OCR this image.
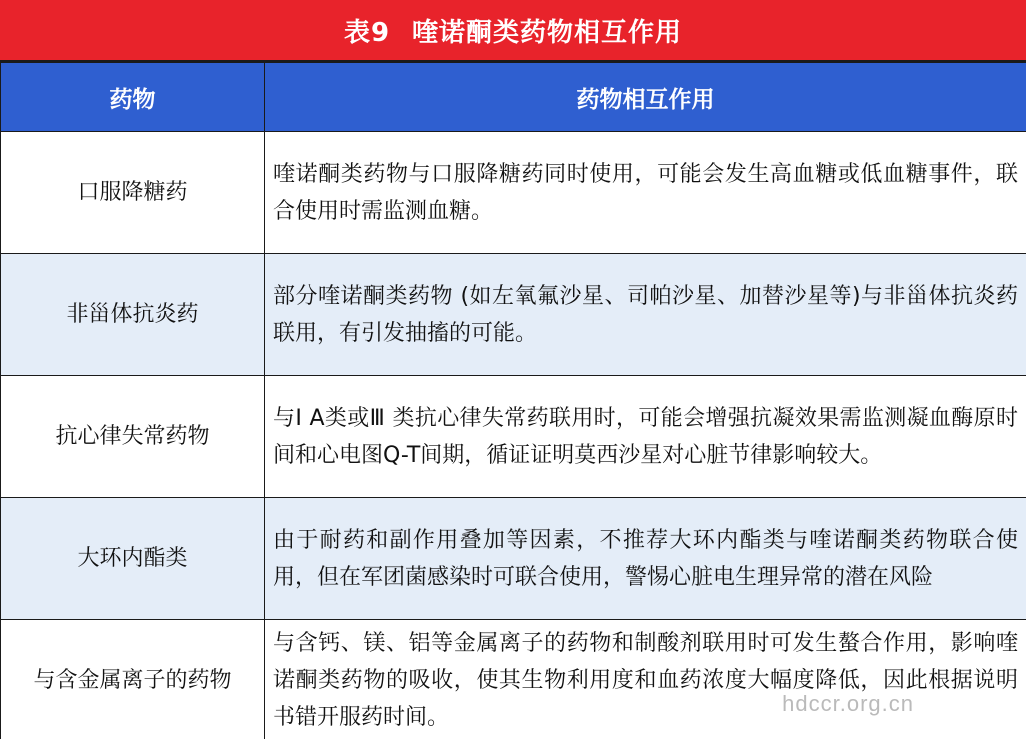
表9 喹诺酮类药物相互作用
药物	药物相互作用
口服降糖药	喹诺酮类药物与口服降糖药同时使用，可能会发生高血糖或低血糖事件，联合使用时需监测血糖。
非甾体抗炎药	部分喹诺酮类药物 (如左氧氟沙星、司帕沙星、加替沙星等)与非甾体抗炎药联用，有引发抽搐的可能。
抗心律失常药物	与Ⅰ A类或Ⅲ 类抗心律失常药联用时，可能会增强抗凝效果需监测凝血酶原时间和心电图Q-T间期，循证证明莫西沙星对心脏节律影响较大。
大环内酯类	由于耐药和副作用叠加等因素，不推荐大环内酯类与喹诺酮类药物联合使用，但在军团菌感染时可联合使用，警惕心脏电生理异常的潜在风险
与含金属离子的药物	与含钙、镁、铝等金属离子的药物和制酸剂联用时可发生螯合作用，影响喹诺酮类药物的吸收，使其生物利用度和血药浓度大幅度降低，因此根据说明书错开服药时间。
hdccr.org.cn
